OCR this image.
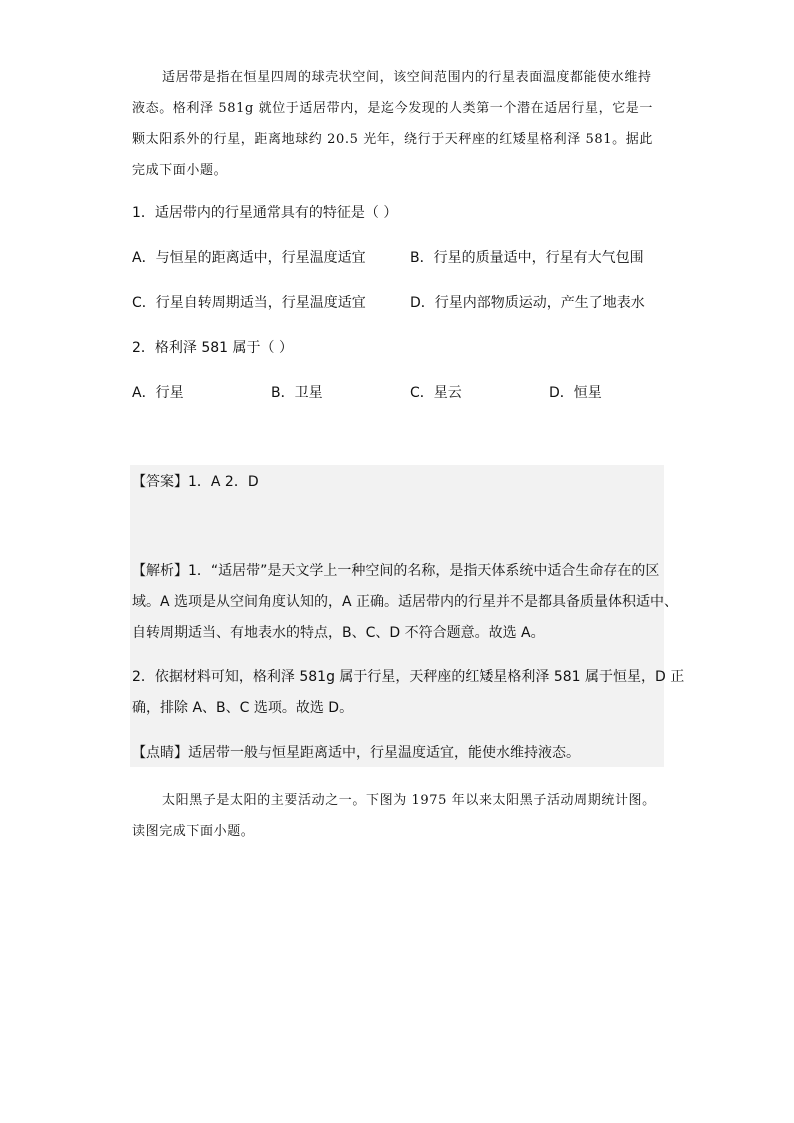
适居带是指在恒星四周的球壳状空间，该空间范围内的行星表面温度都能使水维持
液态。格利泽 581g 就位于适居带内，是迄今发现的人类第一个潜在适居行星，它是一
颗太阳系外的行星，距离地球约 20.5 光年，绕行于天秤座的红矮星格利泽 581。据此
完成下面小题。
1．适居带内的行星通常具有的特征是（ ）
A．与恒星的距离适中，行星温度适宜	B．行星的质量适中，行星有大气包围
C．行星自转周期适当，行星温度适宜	D．行星内部物质运动，产生了地表水
2．格利泽 581 属于（ ）
A．行星	B．卫星	C．星云	D．恒星
【答案】1．A 2．D
【解析】1．“适居带”是天文学上一种空间的名称，是指天体系统中适合生命存在的区
域。A 选项是从空间角度认知的，A 正确。适居带内的行星并不是都具备质量体积适中、
自转周期适当、有地表水的特点，B、C、D 不符合题意。故选 A。
2．依据材料可知，格利泽 581g 属于行星，天秤座的红矮星格利泽 581 属于恒星，D 正
确，排除 A、B、C 选项。故选 D。
【点睛】适居带一般与恒星距离适中，行星温度适宜，能使水维持液态。
太阳黑子是太阳的主要活动之一。下图为 1975 年以来太阳黑子活动周期统计图。
读图完成下面小题。
